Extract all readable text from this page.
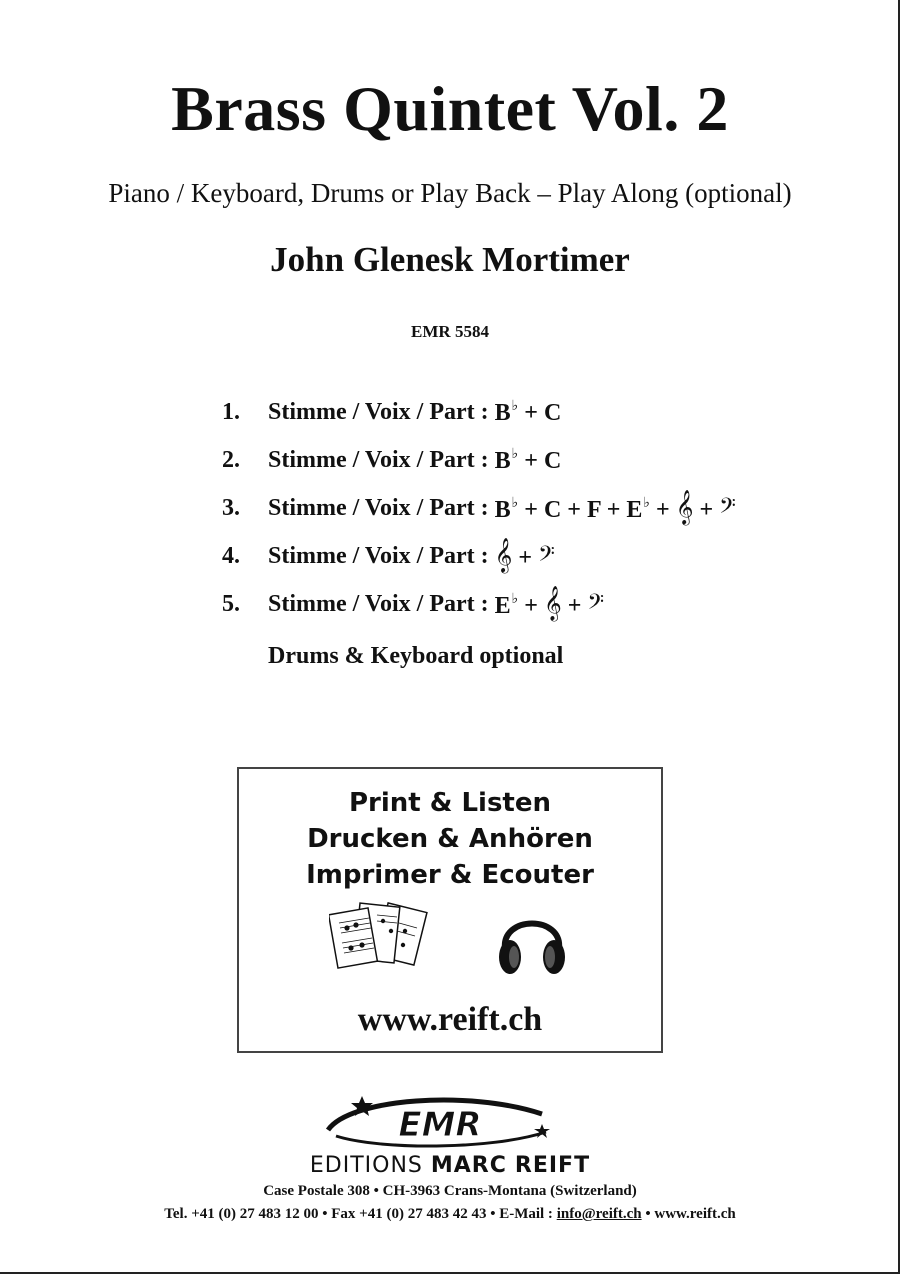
Brass Quintet Vol. 2
Piano / Keyboard, Drums or Play Back – Play Along (optional)
John Glenesk Mortimer
EMR 5584
1.	Stimme / Voix / Part : B♭ + C
2.	Stimme / Voix / Part : B♭ + C
3.	Stimme / Voix / Part : B♭ + C + F + E♭ + 𝄞 + 𝄢
4.	Stimme / Voix / Part : 𝄞 + 𝄢
5.	Stimme / Voix / Part : E♭ + 𝄞 + 𝄢
Drums & Keyboard optional
Print & Listen
Drucken & Anhören
Imprimer & Ecouter
www.reift.ch
EMR
EDITIONS MARC REIFT
Case Postale 308 • CH-3963 Crans-Montana (Switzerland)
Tel. +41 (0) 27 483 12 00 • Fax +41 (0) 27 483 42 43 • E-Mail : info@reift.ch • www.reift.ch
